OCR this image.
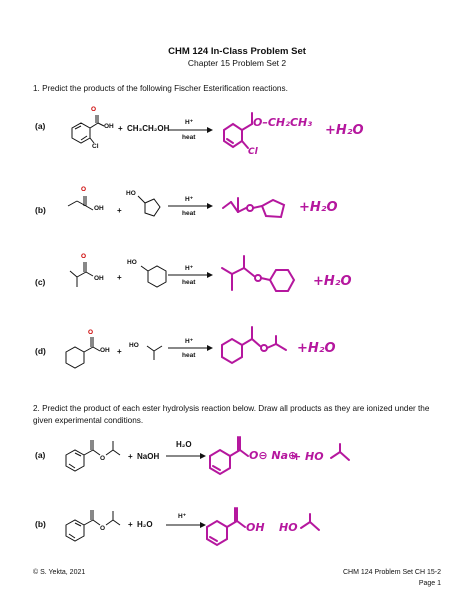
CHM 124 In-Class Problem Set
Chapter 15 Problem Set 2
1. Predict the products of the following Fischer Esterification reactions.
(a)
O
OH
Cl
+ CH₃CH₂OH
H⁺
heat
O–CH₂CH₃
Cl
+H₂O
(b)
O
OH +
HO
H⁺
heat	+H₂O
(c)
O
OH +
HO
H⁺
heat	+H₂O
(d)
O
OH +
HO
H⁺
heat	+H₂O
2. Predict the product of each ester hydrolysis reaction below. Draw all products as they are ionized under the
given experimental conditions.
(a)	O	+ NaOH
H₂O
O⊖ Na⊕
+ HO
(b)	O	+ H₂O
H⁺
OH HO
© S. Yekta, 2021	CHM 124 Problem Set CH 15-2
Page 1
